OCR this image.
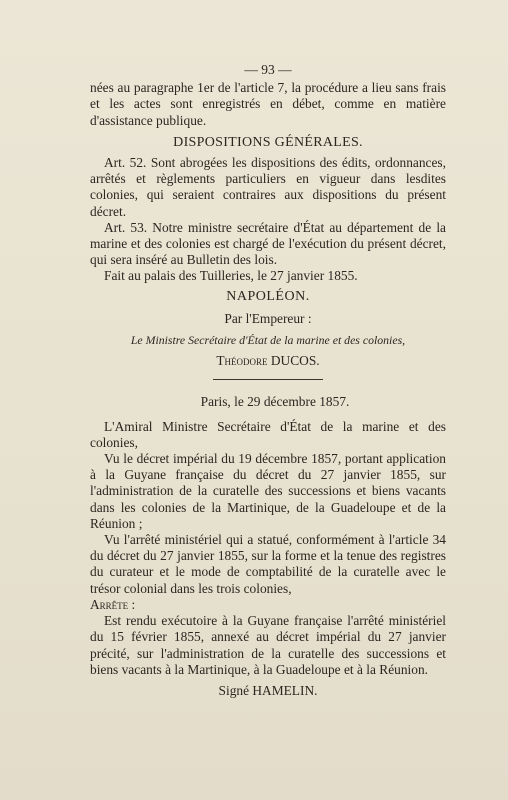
— 93 —

nées au paragraphe 1er de l'article 7, la procédure a lieu sans frais et les actes sont enregistrés en débet, comme en matière d'assistance publique.

DISPOSITIONS GÉNÉRALES.

Art. 52. Sont abrogées les dispositions des édits, ordonnances, arrêtés et règlements particuliers en vigueur dans lesdites colonies, qui seraient contraires aux dispositions du présent décret.

Art. 53. Notre ministre secrétaire d'État au département de la marine et des colonies est chargé de l'exécution du présent décret, qui sera inséré au Bulletin des lois.

Fait au palais des Tuilleries, le 27 janvier 1855.

NAPOLÉON.

Par l'Empereur :

Le Ministre Secrétaire d'État de la marine et des colonies,

Théodore DUCOS.

Paris, le 29 décembre 1857.

L'Amiral Ministre Secrétaire d'État de la marine et des colonies,

Vu le décret impérial du 19 décembre 1857, portant application à la Guyane française du décret du 27 janvier 1855, sur l'administration de la curatelle des successions et biens vacants dans les colonies de la Martinique, de la Guadeloupe et de la Réunion ;

Vu l'arrêté ministériel qui a statué, conformément à l'article 34 du décret du 27 janvier 1855, sur la forme et la tenue des registres du curateur et le mode de comptabilité de la curatelle avec le trésor colonial dans les trois colonies,

Arrête :

Est rendu exécutoire à la Guyane française l'arrêté ministériel du 15 février 1855, annexé au décret impérial du 27 janvier précité, sur l'administration de la curatelle des successions et biens vacants à la Martinique, à la Guadeloupe et à la Réunion.

Signé HAMELIN.
